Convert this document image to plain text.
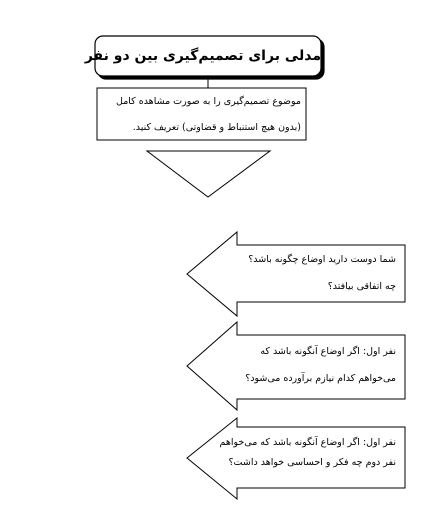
مدلی برای تصمیم‌گیری بین دو نفر
موضوع تصمیم‌گیری را به صورت مشاهده کامل
(بدون هیچ استنباط و قضاوتی) تعریف کنید.
شما دوست دارید اوضاع چگونه باشد؟
چه اتفاقی بیافتد؟
نفر اول: اگر اوضاع آنگونه باشد که
می‌خواهم کدام نیازم برآورده می‌شود؟
نفر اول: اگر اوضاع آنگونه باشد که می‌خواهم
نفر دوم چه فکر و احساسی خواهد داشت؟
